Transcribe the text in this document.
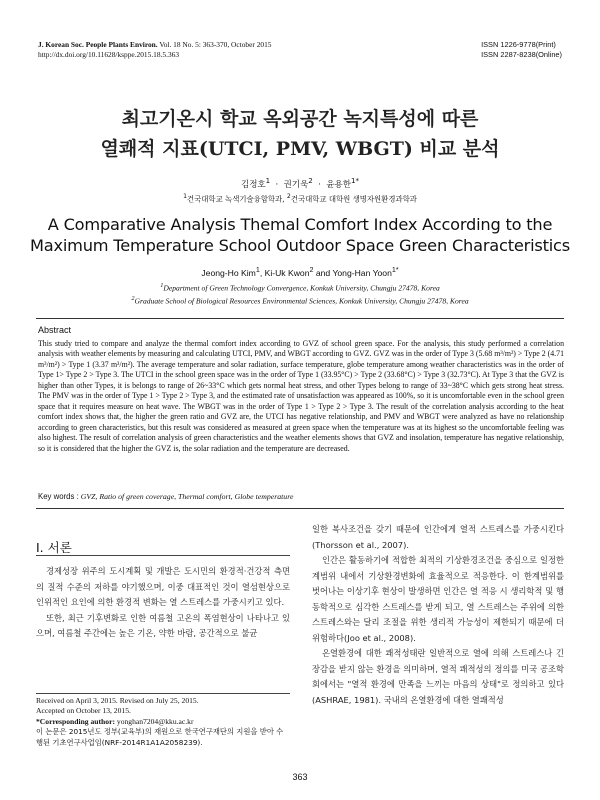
J. Korean Soc. People Plants Environ. Vol. 18 No. 5: 363-370, October 2015
http://dx.doi.org/10.11628/ksppe.2015.18.5.363
ISSN 1226-9778(Print)
ISSN 2287-8238(Online)
최고기온시 학교 옥외공간 녹지특성에 따른
열쾌적 지표(UTCI, PMV, WBGT) 비교 분석
김정호$^1$  ·  권기욱$^2$  ·  윤용한$^{1*}$
$^1$건국대학교 녹색기술융합학과, $^2$건국대학교 대학원 생명자원환경과학과
A Comparative Analysis Themal Comfort Index According to the
Maximum Temperature School Outdoor Space Green Characteristics
Jeong-Ho Kim$^1$, Ki-Uk Kwon$^2$ and Yong-Han Yoon$^{1*}$
$^1$Department of Green Technology Convergence, Konkuk University, Chungju 27478, Korea
$^2$Graduate School of Biological Resources Environmental Sciences, Konkuk University, Chungju 27478, Korea
Abstract
This study tried to compare and analyze the thermal comfort index according to GVZ of school green space. For the analysis, this study performed a correlation analysis with weather elements by measuring and calculating UTCI, PMV, and WBGT according to GVZ. GVZ was in the order of Type 3 (5.68 m³/m²) > Type 2 (4.71 m³/m²) > Type 1 (3.37 m³/m²). The average temperature and solar radiation, surface temperature, globe temperature among weather characteristics was in the order of Type 1> Type 2 > Type 3. The UTCI in the school green space was in the order of Type 1 (33.95°C) > Type 2 (33.68°C) > Type 3 (32.73°C). At Type 3 that the GVZ is higher than other Types, it is belongs to range of 26~33°C which gets normal heat stress, and other Types belong to range of 33~38°C which gets strong heat stress. The PMV was in the order of Type 1 > Type 2 > Type 3, and the estimated rate of unsatisfaction was appeared as 100%, so it is uncomfortable even in the school green space that it requires measure on heat wave. The WBGT was in the order of Type 1 > Type 2 > Type 3. The result of the correlation analysis according to the heat comfort index shows that, the higher the green ratio and GVZ are, the UTCI has negative relationship, and PMV and WBGT were analyzed as have no relationship according to green characteristics, but this result was considered as measured at green space when the temperature was at its highest so the uncomfortable feeling was also highest. The result of correlation analysis of green characteristics and the weather elements shows that GVZ and insolation, temperature has negative relationship, so it is considered that the higher the GVZ is, the solar radiation and the temperature are decreased.
Key words : GVZ, Ratio of green coverage, Thermal comfort, Globe temperature
I. 서론

경제성장 위주의 도시계획 및 개발은 도시민의 환경적·건강적 측면의 질적 수준의 저하를 야기했으며, 이중 대표적인 것이 열섬현상으로 인위적인 요인에 의한 환경적 변화는 열 스트레스를 가중시키고 있다.

또한, 최근 기후변화로 인한 여름철 고온의 폭염현상이 나타나고 있으며, 여름철 주간에는 높은 기온, 약한 바람, 공간적으로 불균

일한 복사조건을 갖기 때문에 인간에게 열적 스트레스를 가중시킨다(Thorsson et al., 2007).

인간은 활동하기에 적합한 최적의 기상환경조건을 중심으로 일정한계범위 내에서 기상환경변화에 효율적으로 적응한다. 이 한계범위를 벗어나는 이상기후 현상이 발생하면 인간은 열 적응 시 생리학적 및 행동학적으로 심각한 스트레스를 받게 되고, 열 스트레스는 주위에 의한 스트레스와는 달리 조절을 위한 생리적 가능성이 제한되기 때문에 더 위험하다(Joo et al., 2008).

온열환경에 대한 쾌적성태란 일반적으로 열에 의해 스트레스나 긴장감을 받지 않는 환경을 의미하며, 열적 쾌적성의 정의를 미국 공조학회에서는 "열적 환경에 만족을 느끼는 마음의 상태"로 정의하고 있다(ASHRAE, 1981). 국내의 온열환경에 대한 열쾌적성

Received on April 3, 2015. Revised on July 25, 2015.
Accepted on October 13, 2015.
*Corresponding author: yonghan7204@kku.ac.kr
이 논문은 2015년도 정부(교육부)의 재원으로 한국연구재단의 지원을 받아 수행된 기초연구사업임(NRF-2014R1A1A2058239).
363
